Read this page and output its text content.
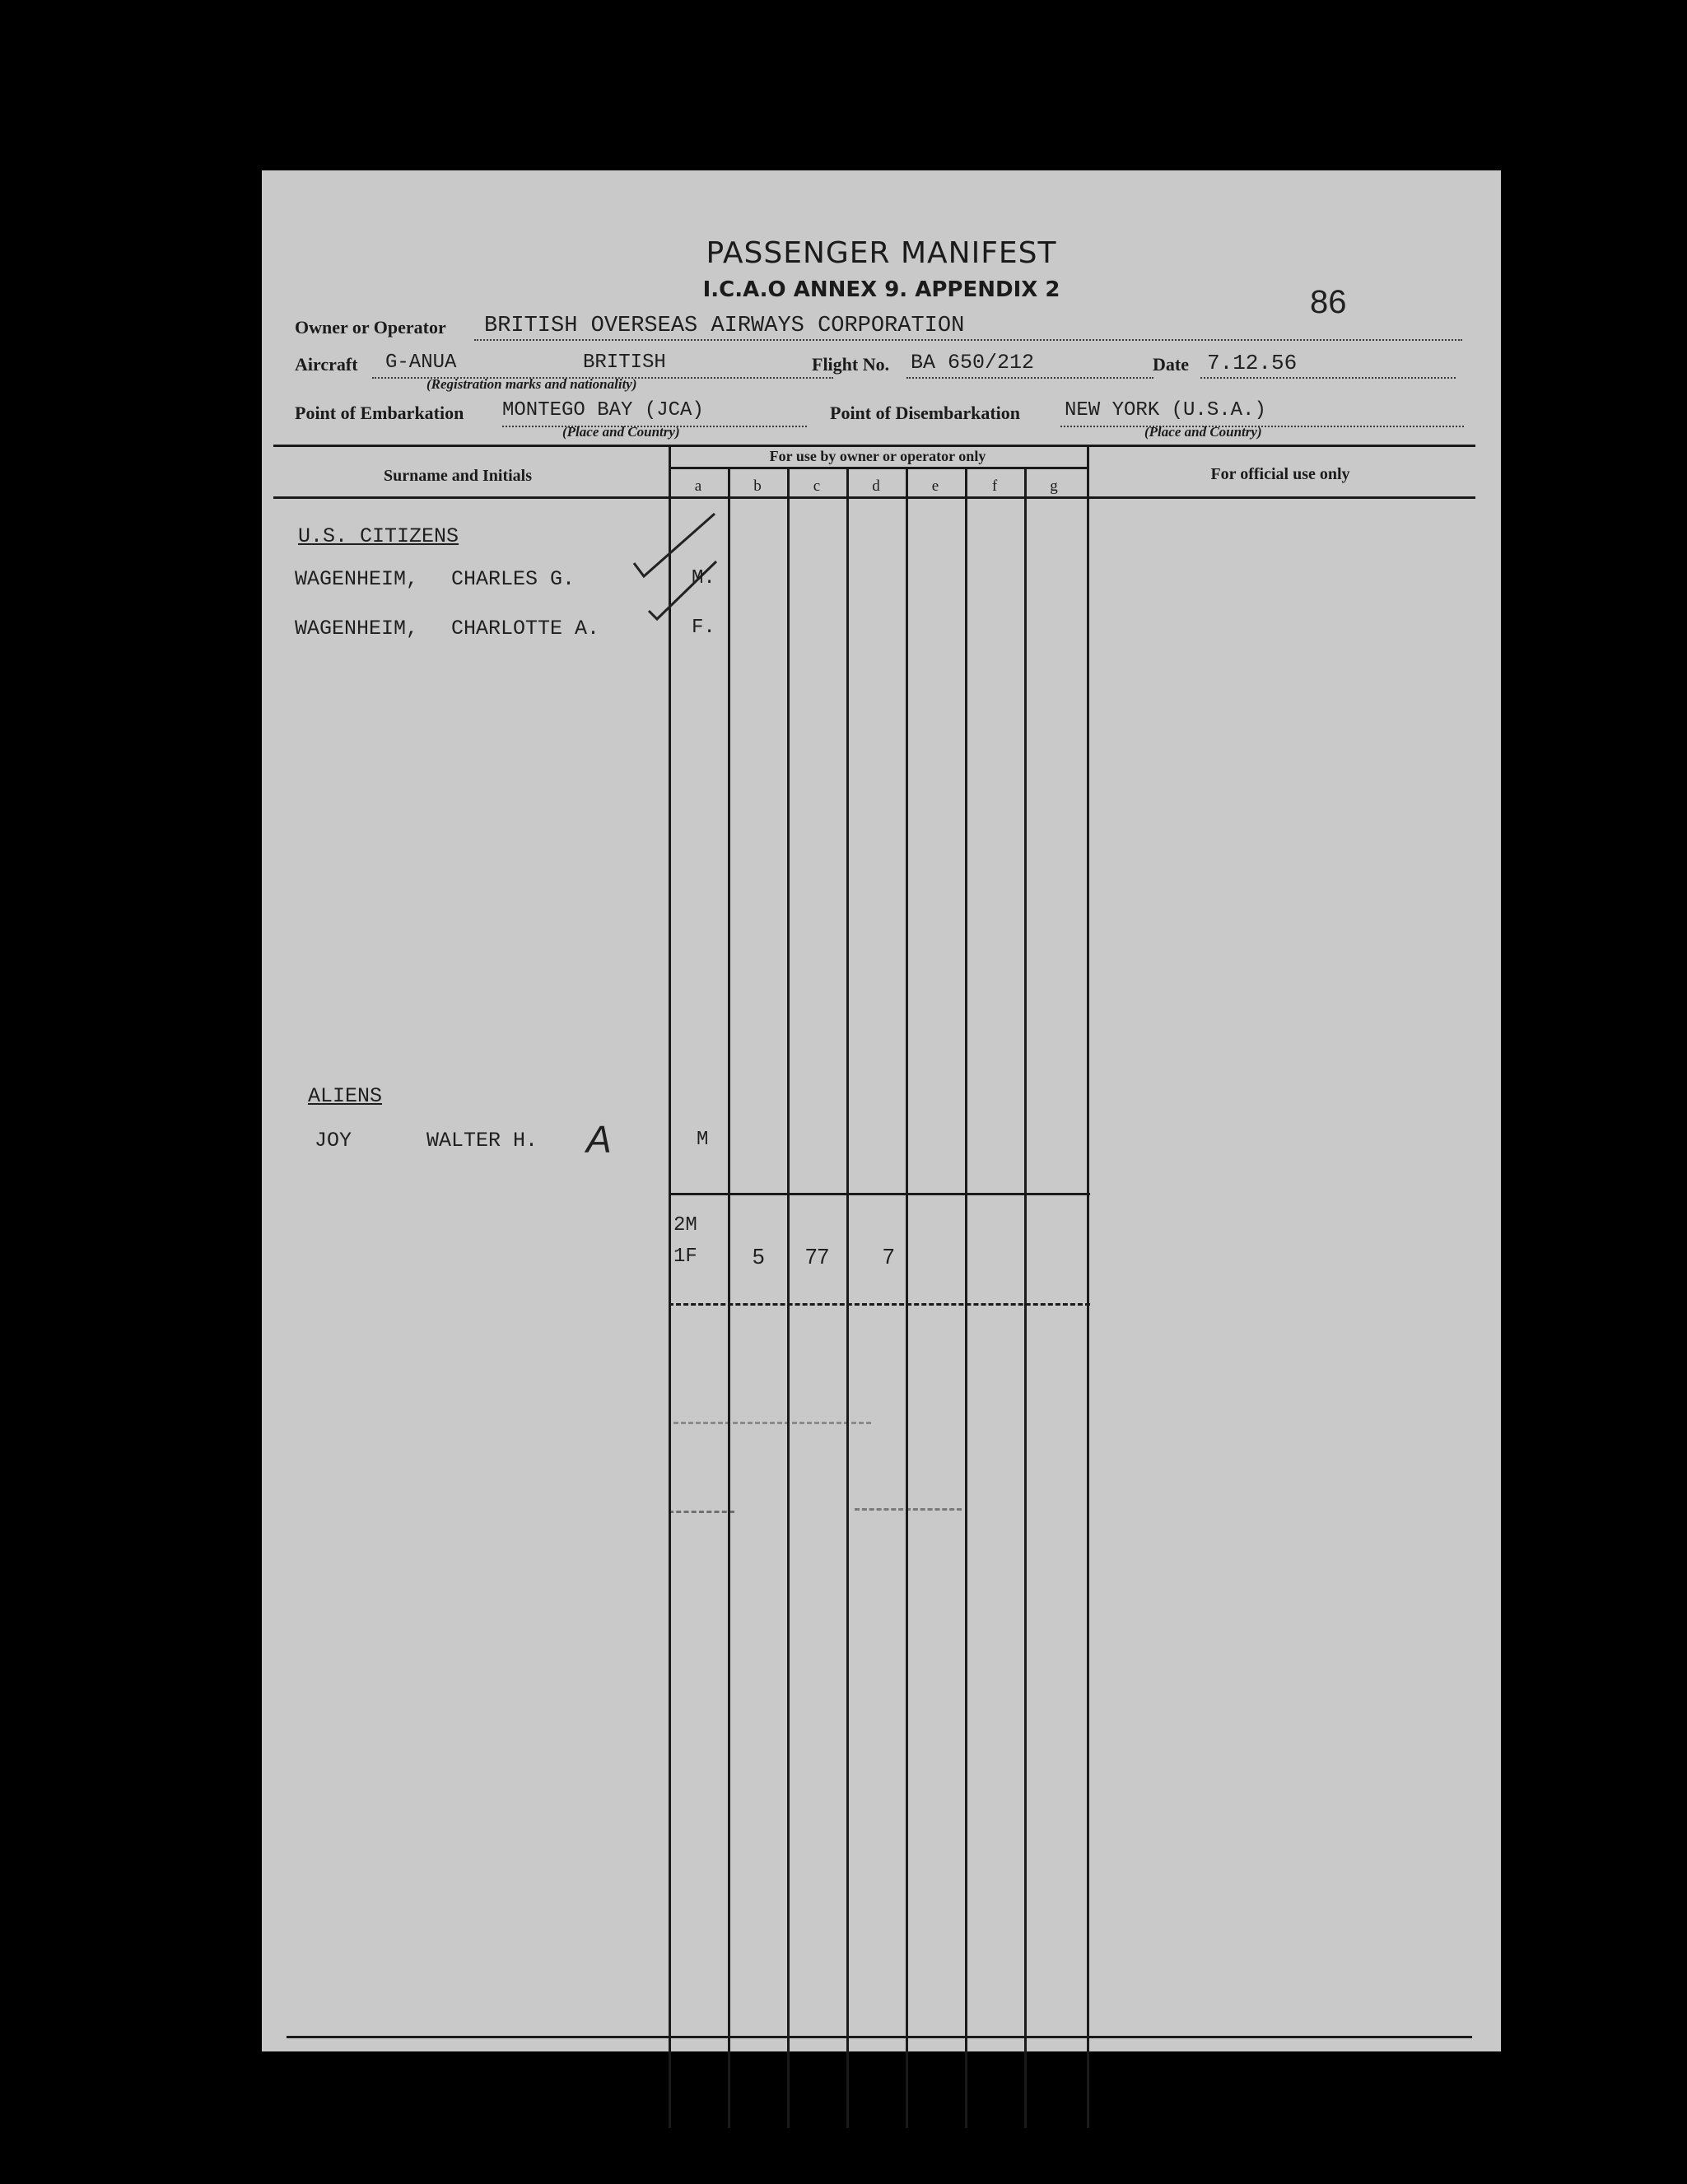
PASSENGER MANIFEST
I.C.A.O ANNEX 9. APPENDIX 2	86
Owner or Operator BRITISH OVERSEAS AIRWAYS CORPORATION
Aircraft G-ANUA	BRITISH
(Registration marks and nationality)
Flight No. BA 650/212	Date 7.12.56
Point of Embarkation MONTEGO BAY (JCA)
(Place and Country)
Point of Disembarkation NEW YORK (U.S.A.)
(Place and Country)
Surname and Initials
For use by owner or operator only
For official use only
a	b	c	d	e	f	g
U.S. CITIZENS
WAGENHEIM, CHARLES G.	M.
WAGENHEIM, CHARLOTTE A.	F.
ALIENS
JOY	WALTER H. A	M
2M
1F	5 77	7
